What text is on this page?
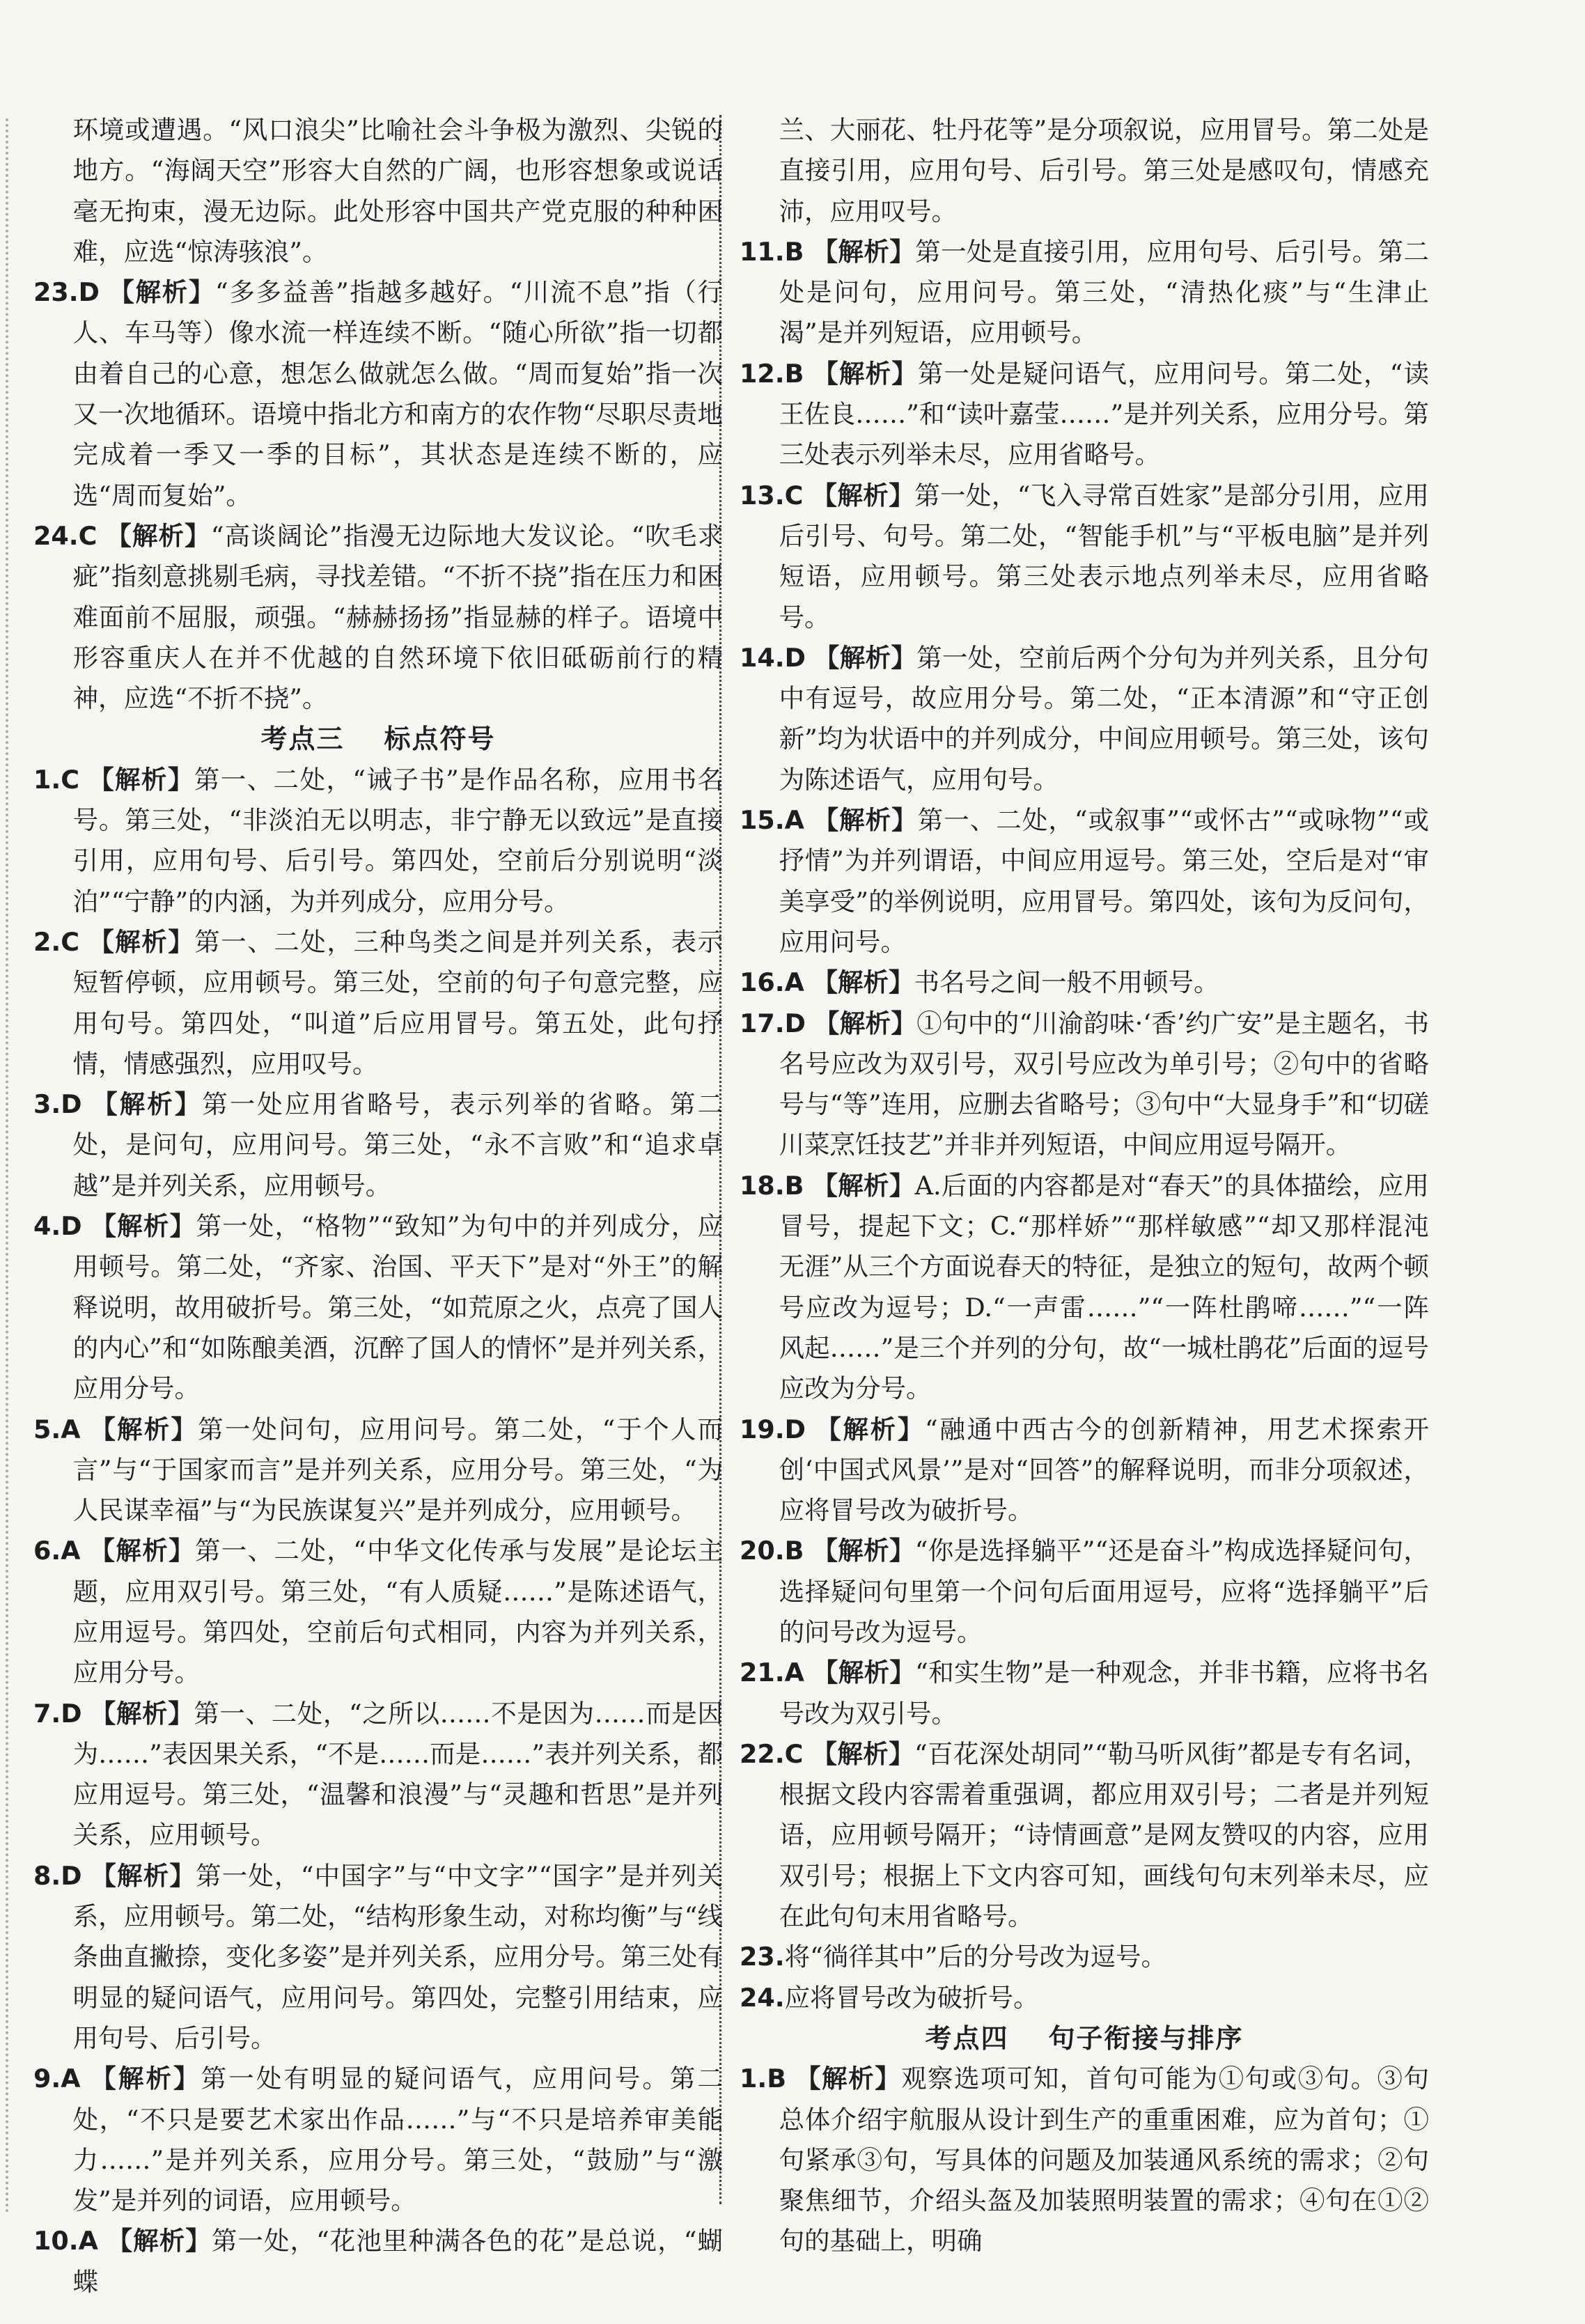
环境或遭遇。“风口浪尖”比喻社会斗争极为激烈、尖锐的地方。“海阔天空”形容大自然的广阔，也形容想象或说话毫无拘束，漫无边际。此处形容中国共产党克服的种种困难，应选“惊涛骇浪”。

23.D 【解析】“多多益善”指越多越好。“川流不息”指（行人、车马等）像水流一样连续不断。“随心所欲”指一切都由着自己的心意，想怎么做就怎么做。“周而复始”指一次又一次地循环。语境中指北方和南方的农作物“尽职尽责地完成着一季又一季的目标”，其状态是连续不断的，应选“周而复始”。

24.C 【解析】“高谈阔论”指漫无边际地大发议论。“吹毛求疵”指刻意挑剔毛病，寻找差错。“不折不挠”指在压力和困难面前不屈服，顽强。“赫赫扬扬”指显赫的样子。语境中形容重庆人在并不优越的自然环境下依旧砥砺前行的精神，应选“不折不挠”。

考点三 标点符号

1.C 【解析】第一、二处，“诫子书”是作品名称，应用书名号。第三处，“非淡泊无以明志，非宁静无以致远”是直接引用，应用句号、后引号。第四处，空前后分别说明“淡泊”“宁静”的内涵，为并列成分，应用分号。

2.C 【解析】第一、二处，三种鸟类之间是并列关系，表示短暂停顿，应用顿号。第三处，空前的句子句意完整，应用句号。第四处，“叫道”后应用冒号。第五处，此句抒情，情感强烈，应用叹号。

3.D 【解析】第一处应用省略号，表示列举的省略。第二处，是问句，应用问号。第三处，“永不言败”和“追求卓越”是并列关系，应用顿号。

4.D 【解析】第一处，“格物”“致知”为句中的并列成分，应用顿号。第二处，“齐家、治国、平天下”是对“外王”的解释说明，故用破折号。第三处，“如荒原之火，点亮了国人的内心”和“如陈酿美酒，沉醉了国人的情怀”是并列关系，应用分号。

5.A 【解析】第一处问句，应用问号。第二处，“于个人而言”与“于国家而言”是并列关系，应用分号。第三处，“为人民谋幸福”与“为民族谋复兴”是并列成分，应用顿号。

6.A 【解析】第一、二处，“中华文化传承与发展”是论坛主题，应用双引号。第三处，“有人质疑……”是陈述语气，应用逗号。第四处，空前后句式相同，内容为并列关系，应用分号。

7.D 【解析】第一、二处，“之所以……不是因为……而是因为……”表因果关系，“不是……而是……”表并列关系，都应用逗号。第三处，“温馨和浪漫”与“灵趣和哲思”是并列关系，应用顿号。

8.D 【解析】第一处，“中国字”与“中文字”“国字”是并列关系，应用顿号。第二处，“结构形象生动，对称均衡”与“线条曲直撇捺，变化多姿”是并列关系，应用分号。第三处有明显的疑问语气，应用问号。第四处，完整引用结束，应用句号、后引号。

9.A 【解析】第一处有明显的疑问语气，应用问号。第二处，“不只是要艺术家出作品……”与“不只是培养审美能力……”是并列关系，应用分号。第三处，“鼓励”与“激发”是并列的词语，应用顿号。

10.A 【解析】第一处，“花池里种满各色的花”是总说，“蝴蝶

兰、大丽花、牡丹花等”是分项叙说，应用冒号。第二处是直接引用，应用句号、后引号。第三处是感叹句，情感充沛，应用叹号。

11.B 【解析】第一处是直接引用，应用句号、后引号。第二处是问句，应用问号。第三处，“清热化痰”与“生津止渴”是并列短语，应用顿号。

12.B 【解析】第一处是疑问语气，应用问号。第二处，“读王佐良……”和“读叶嘉莹……”是并列关系，应用分号。第三处表示列举未尽，应用省略号。

13.C 【解析】第一处，“飞入寻常百姓家”是部分引用，应用后引号、句号。第二处，“智能手机”与“平板电脑”是并列短语，应用顿号。第三处表示地点列举未尽，应用省略号。

14.D 【解析】第一处，空前后两个分句为并列关系，且分句中有逗号，故应用分号。第二处，“正本清源”和“守正创新”均为状语中的并列成分，中间应用顿号。第三处，该句为陈述语气，应用句号。

15.A 【解析】第一、二处，“或叙事”“或怀古”“或咏物”“或抒情”为并列谓语，中间应用逗号。第三处，空后是对“审美享受”的举例说明，应用冒号。第四处，该句为反问句，应用问号。

16.A 【解析】书名号之间一般不用顿号。

17.D 【解析】①句中的“川渝韵味·‘香’约广安”是主题名，书名号应改为双引号，双引号应改为单引号；②句中的省略号与“等”连用，应删去省略号；③句中“大显身手”和“切磋川菜烹饪技艺”并非并列短语，中间应用逗号隔开。

18.B 【解析】A.后面的内容都是对“春天”的具体描绘，应用冒号，提起下文；C.“那样娇”“那样敏感”“却又那样混沌无涯”从三个方面说春天的特征，是独立的短句，故两个顿号应改为逗号；D.“一声雷……”“一阵杜鹃啼……”“一阵风起……”是三个并列的分句，故“一城杜鹃花”后面的逗号应改为分号。

19.D 【解析】“融通中西古今的创新精神，用艺术探索开创‘中国式风景’”是对“回答”的解释说明，而非分项叙述，应将冒号改为破折号。

20.B 【解析】“你是选择躺平”“还是奋斗”构成选择疑问句，选择疑问句里第一个问句后面用逗号，应将“选择躺平”后的问号改为逗号。

21.A 【解析】“和实生物”是一种观念，并非书籍，应将书名号改为双引号。

22.C 【解析】“百花深处胡同”“勒马听风街”都是专有名词，根据文段内容需着重强调，都应用双引号；二者是并列短语，应用顿号隔开；“诗情画意”是网友赞叹的内容，应用双引号；根据上下文内容可知，画线句句末列举未尽，应在此句句末用省略号。

23.将“徜徉其中”后的分号改为逗号。

24.应将冒号改为破折号。

考点四 句子衔接与排序

1.B 【解析】观察选项可知，首句可能为①句或③句。③句总体介绍宇航服从设计到生产的重重困难，应为首句；①句紧承③句，写具体的问题及加装通风系统的需求；②句聚焦细节，介绍头盔及加装照明装置的需求；④句在①②句的基础上，明确
